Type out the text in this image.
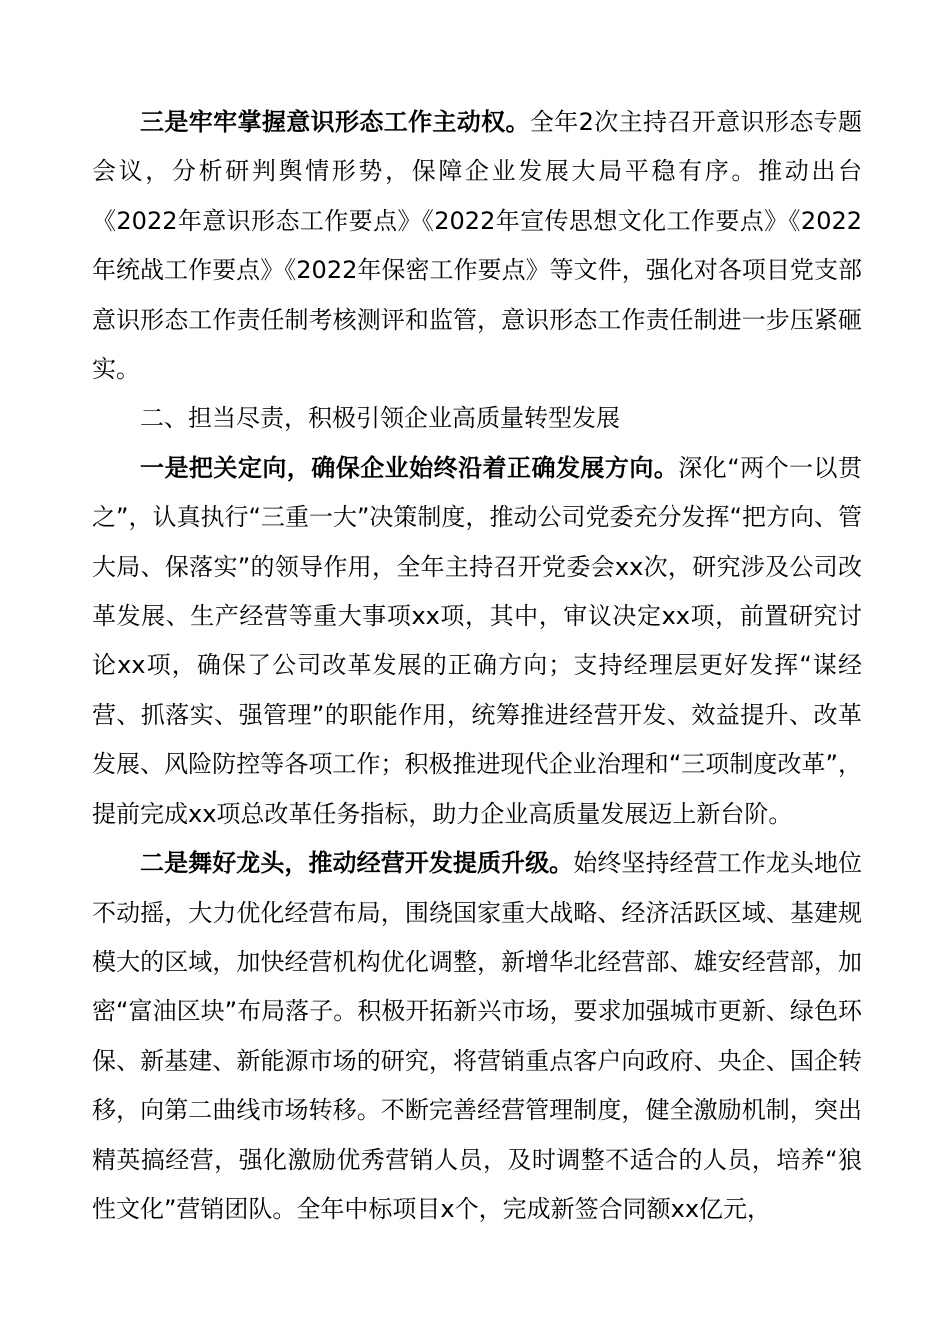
三是牢牢掌握意识形态工作主动权。全年2次主持召开意识形态专题会议，分析研判舆情形势，保障企业发展大局平稳有序。推动出台《2022年意识形态工作要点》《2022年宣传思想文化工作要点》《2022年统战工作要点》《2022年保密工作要点》等文件，强化对各项目党支部意识形态工作责任制考核测评和监管，意识形态工作责任制进一步压紧砸实。

二、担当尽责，积极引领企业高质量转型发展

一是把关定向，确保企业始终沿着正确发展方向。深化“两个一以贯之”，认真执行“三重一大”决策制度，推动公司党委充分发挥“把方向、管大局、保落实”的领导作用，全年主持召开党委会xx次，研究涉及公司改革发展、生产经营等重大事项xx项，其中，审议决定xx项，前置研究讨论xx项，确保了公司改革发展的正确方向；支持经理层更好发挥“谋经营、抓落实、强管理”的职能作用，统筹推进经营开发、效益提升、改革发展、风险防控等各项工作；积极推进现代企业治理和“三项制度改革”，提前完成xx项总改革任务指标，助力企业高质量发展迈上新台阶。

二是舞好龙头，推动经营开发提质升级。始终坚持经营工作龙头地位不动摇，大力优化经营布局，围绕国家重大战略、经济活跃区域、基建规模大的区域，加快经营机构优化调整，新增华北经营部、雄安经营部，加密“富油区块”布局落子。积极开拓新兴市场，要求加强城市更新、绿色环保、新基建、新能源市场的研究，将营销重点客户向政府、央企、国企转移，向第二曲线市场转移。不断完善经营管理制度，健全激励机制，突出精英搞经营，强化激励优秀营销人员，及时调整不适合的人员，培养“狼性文化”营销团队。全年中标项目x个，完成新签合同额xx亿元，
